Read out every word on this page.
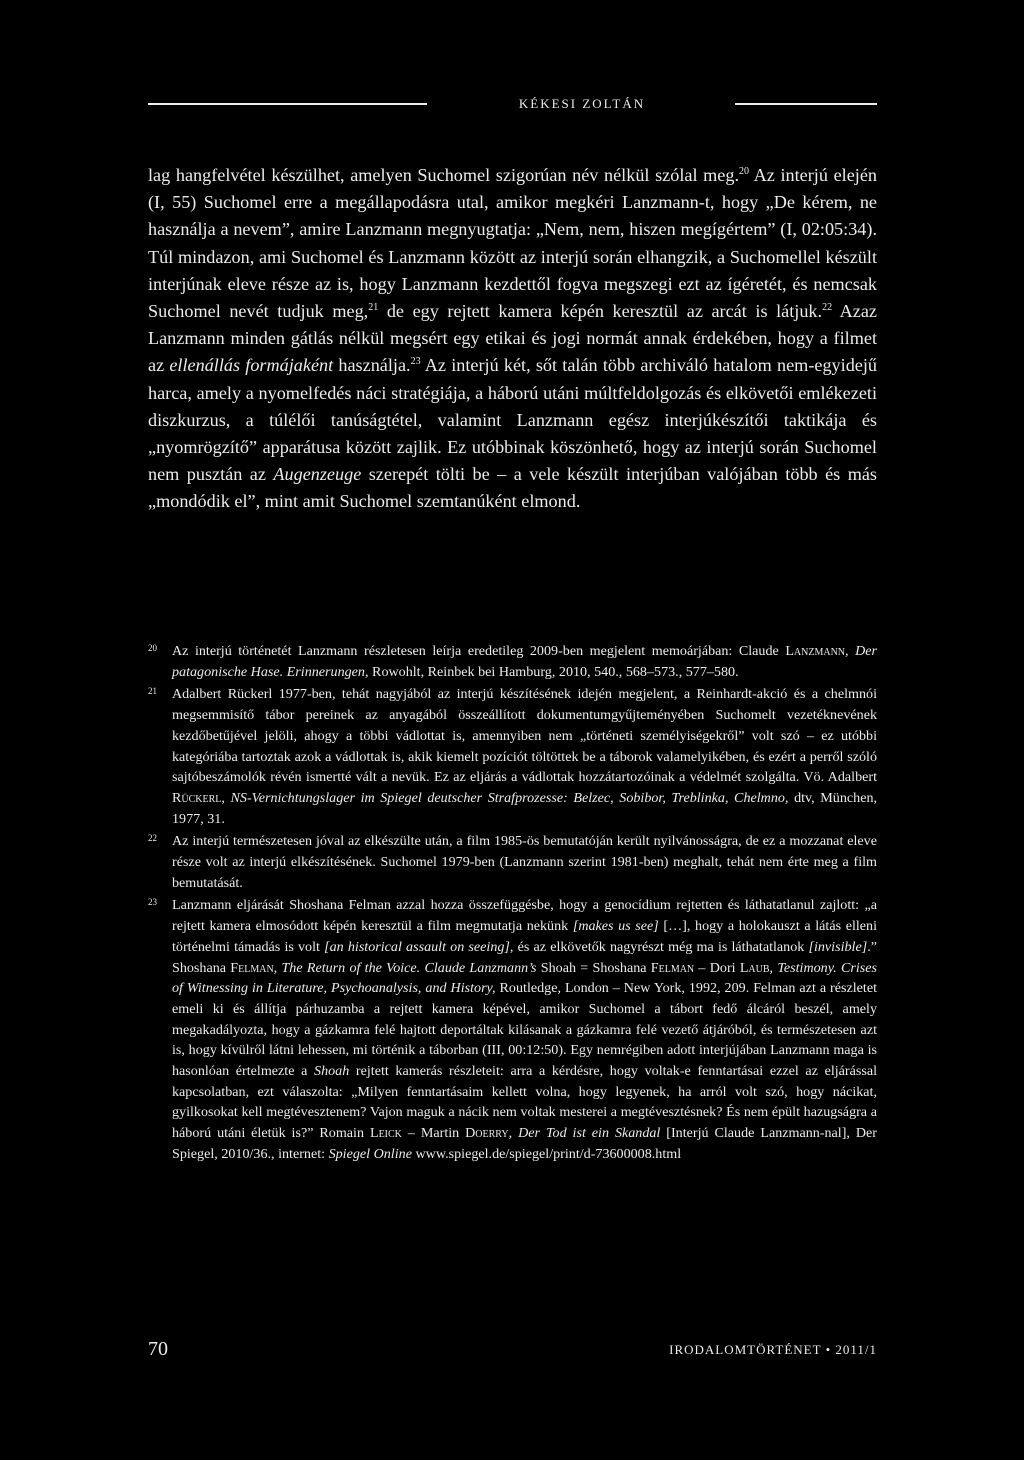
KÉKESI ZOLTÁN

lag hangfelvétel készülhet, amelyen Suchomel szigorúan név nélkül szólal meg.$^{20}$ Az interjú elején (I, 55) Suchomel erre a megállapodásra utal, amikor megkéri Lanzmann-t, hogy „De kérem, ne használja a nevem”, amire Lanzmann megnyugtatja: „Nem, nem, hiszen megígértem” (I, 02:05:34). Túl mindazon, ami Suchomel és Lanzmann között az interjú során elhangzik, a Suchomellel készült interjúnak eleve része az is, hogy Lanzmann kezdettől fogva megszegi ezt az ígéretét, és nemcsak Suchomel nevét tudjuk meg,$^{21}$ de egy rejtett kamera képén keresztül az arcát is látjuk.$^{22}$ Azaz Lanzmann minden gátlás nélkül megsért egy etikai és jogi normát annak érdekében, hogy a filmet az ellenállás formájaként használja.$^{23}$ Az interjú két, sőt talán több archiváló hatalom nem-egyidejű harca, amely a nyomelfedés náci stratégiája, a háború utáni múltfeldolgozás és elkövetői emlékezeti diszkurzus, a túlélői tanúságtétel, valamint Lanzmann egész interjúkészítői taktikája és „nyomrögzítő” apparátusa között zajlik. Ez utóbbinak köszönhető, hogy az interjú során Suchomel nem pusztán az Augenzeuge szerepét tölti be – a vele készült interjúban valójában több és más „mondódik el”, mint amit Suchomel szemtanúként elmond.

20 Az interjú történetét Lanzmann részletesen leírja eredetileg 2009-ben megjelent memoárjában: Claude Lanzmann, Der patagonische Hase. Erinnerungen, Rowohlt, Reinbek bei Hamburg, 2010, 540., 568–573., 577–580.
21 Adalbert Rückerl 1977-ben, tehát nagyjából az interjú készítésének idején megjelent, a Reinhardt-akció és a chelmnói megsemmisítő tábor pereinek az anyagából összeállított dokumentumgyűjteményében Suchomelt vezetéknevének kezdőbetűjével jelöli, ahogy a többi vádlottat is, amennyiben nem „történeti személyiségekről” volt szó – ez utóbbi kategóriába tartoztak azok a vádlottak is, akik kiemelt pozíciót töltöttek be a táborok valamelyikében, és ezért a perről szóló sajtóbeszámolók révén ismertté vált a nevük. Ez az eljárás a vádlottak hozzátartozóinak a védelmét szolgálta. Vö. Adalbert Rückerl, NS-Vernichtungslager im Spiegel deutscher Strafprozesse: Belzec, Sobibor, Treblinka, Chelmno, dtv, München, 1977, 31.
22 Az interjú természetesen jóval az elkészülte után, a film 1985-ös bemutatóján került nyilvánosságra, de ez a mozzanat eleve része volt az interjú elkészítésének. Suchomel 1979-ben (Lanzmann szerint 1981-ben) meghalt, tehát nem érte meg a film bemutatását.
23 Lanzmann eljárását Shoshana Felman azzal hozza összefüggésbe, hogy a genocídium rejtetten és láthatatlanul zajlott: „a rejtett kamera elmosódott képén keresztül a film megmutatja nekünk [makes us see] […], hogy a holokauszt a látás elleni történelmi támadás is volt [an historical assault on seeing], és az elkövetők nagyrészt még ma is láthatatlanok [invisible].” Shoshana Felman, The Return of the Voice. Claude Lanzmann’s Shoah = Shoshana Felman – Dori Laub, Testimony. Crises of Witnessing in Literature, Psychoanalysis, and History, Routledge, London – New York, 1992, 209. Felman azt a részletet emeli ki és állítja párhuzamba a rejtett kamera képével, amikor Suchomel a tábort fedő álcáról beszél, amely megakadályozta, hogy a gázkamra felé hajtott deportáltak kilásanak a gázkamra felé vezető átjáróból, és természetesen azt is, hogy kívülről látni lehessen, mi történik a táborban (III, 00:12:50). Egy nemrégiben adott interjújában Lanzmann maga is hasonlóan értelmezte a Shoah rejtett kamerás részleteit: arra a kérdésre, hogy voltak-e fenntartásai ezzel az eljárással kapcsolatban, ezt válaszolta: „Milyen fenntartásaim kellett volna, hogy legyenek, ha arról volt szó, hogy nácikat, gyilkosokat kell megtévesztenem? Vajon maguk a nácik nem voltak mesterei a megtévesztésnek? És nem épült hazugságra a háború utáni életük is?” Romain Leick – Martin Doerry, Der Tod ist ein Skandal [Interjú Claude Lanzmann-nal], Der Spiegel, 2010/36., internet: Spiegel Online www.spiegel.de/spiegel/print/d-73600008.html
70	IRODALOMTÖRTÉNET • 2011/1
